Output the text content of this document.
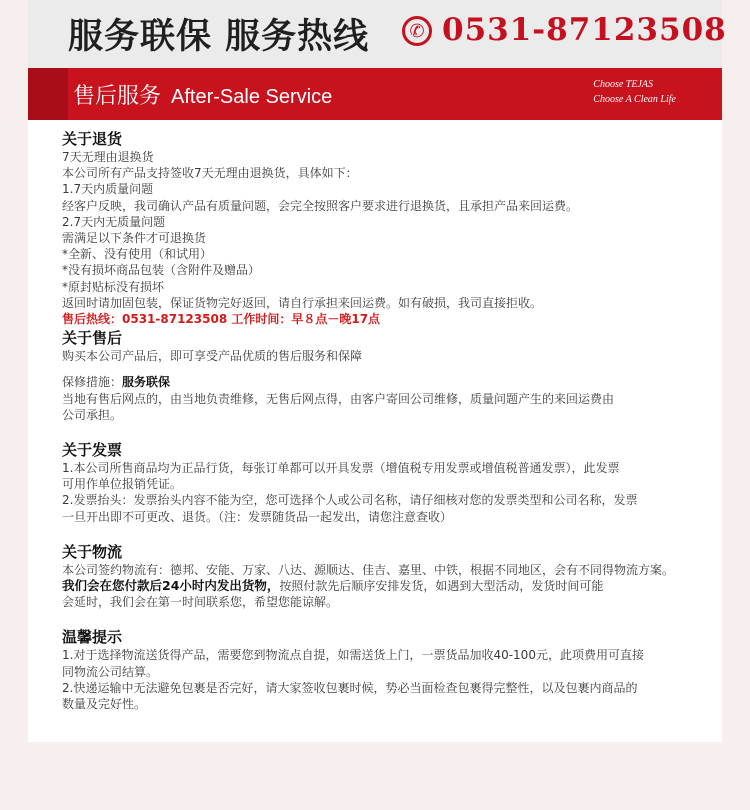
服务联保 服务热线	✆ 0531-87123508
售后服务 After-Sale Service
Choose TEJAS
Choose A Clean Life
关于退货
7天无理由退换货
本公司所有产品支持签收7天无理由退换货，具体如下：
1.7天内质量问题
经客户反映，我司确认产品有质量问题，会完全按照客户要求进行退换货，且承担产品来回运费。
2.7天内无质量问题
需满足以下条件才可退换货
*全新、没有使用（和试用）
*没有损坏商品包装（含附件及赠品）
*原封贴标没有损坏
返回时请加固包装，保证货物完好返回，请自行承担来回运费。如有破损，我司直接拒收。
售后热线：0531-87123508 工作时间：早８点－晚17点
关于售后
购买本公司产品后，即可享受产品优质的售后服务和保障
保修措施：服务联保
当地有售后网点的，由当地负责维修，无售后网点得，由客户寄回公司维修，质量问题产生的来回运费由
公司承担。
关于发票
1.本公司所售商品均为正品行货，每张订单都可以开具发票（增值税专用发票或增值税普通发票），此发票
可用作单位报销凭证。
2.发票抬头：发票抬头内容不能为空，您可选择个人或公司名称，请仔细核对您的发票类型和公司名称，发票
一旦开出即不可更改、退货。（注：发票随货品一起发出，请您注意查收）
关于物流
本公司签约物流有：德邦、安能、万家、八达、源顺达、佳吉、嘉里、中铁，根据不同地区，会有不同得物流方案。
我们会在您付款后24小时内发出货物，按照付款先后顺序安排发货，如遇到大型活动，发货时间可能
会延时，我们会在第一时间联系您，希望您能谅解。
温馨提示
1.对于选择物流送货得产品，需要您到物流点自提，如需送货上门，一票货品加收40-100元，此项费用可直接
同物流公司结算。
2.快递运输中无法避免包裹是否完好，请大家签收包裹时候，势必当面检查包裹得完整性，以及包裹内商品的
数量及完好性。
